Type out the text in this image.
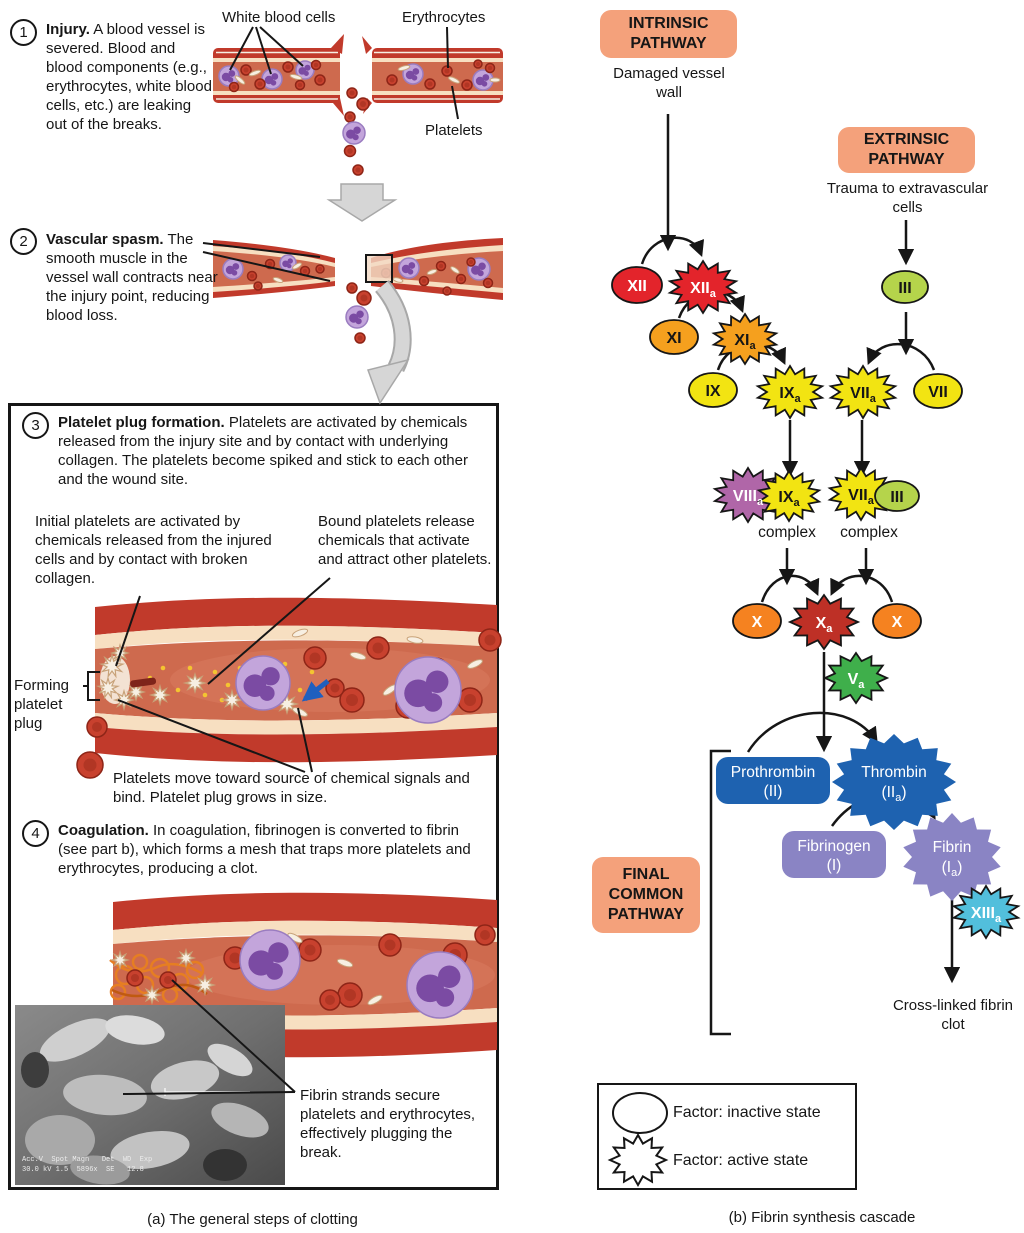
XII	$XII_a$
XI	$XI_a$
IX	$IX_a$
III
$VII_a$	VII
$VIII_a$ $IX_a$	$VII_a$ III
X	$X_a$	X
$V_a$
$XIII_a$
Prothrombin
(II)
Thrombin
$(II_a)$
Fibrinogen
(I)
Fibrin
$(I_a)$
1 Injury. A blood vessel is severed. Blood and blood components (e.g., erythrocytes, white blood cells, etc.) are leaking out of the breaks.
White blood cells	Erythrocytes
Platelets
2 Vascular spasm. The smooth muscle in the vessel wall contracts near the injury point, reducing blood loss.
3 Platelet plug formation. Platelets are activated by chemicals released from the injury site and by contact with underlying collagen. The platelets become spiked and stick to each other and the wound site.
Initial platelets are activated by chemicals released from the injured cells and by contact with broken collagen.
Bound platelets release chemicals that activate and attract other platelets.
Forming platelet plug
Platelets move toward source of chemical signals and bind. Platelet plug grows in size.
4 Coagulation. In coagulation, fibrinogen is converted to fibrin (see part b), which forms a mesh that traps more platelets and erythrocytes, producing a clot.
Fibrin strands secure platelets and erythrocytes, effectively plugging the break.
Acc.V  Spot Magn   Det  WD  Exp
30.0 kV 1.5  5896x  SE   12.8
(a) The general steps of clotting
INTRINSIC PATHWAY
Damaged vessel wall
EXTRINSIC PATHWAY
Trauma to extravascular cells
complex	complex
FINAL COMMON PATHWAY
Cross-linked fibrin clot
Factor: inactive state
Factor: active state
(b) Fibrin synthesis cascade
